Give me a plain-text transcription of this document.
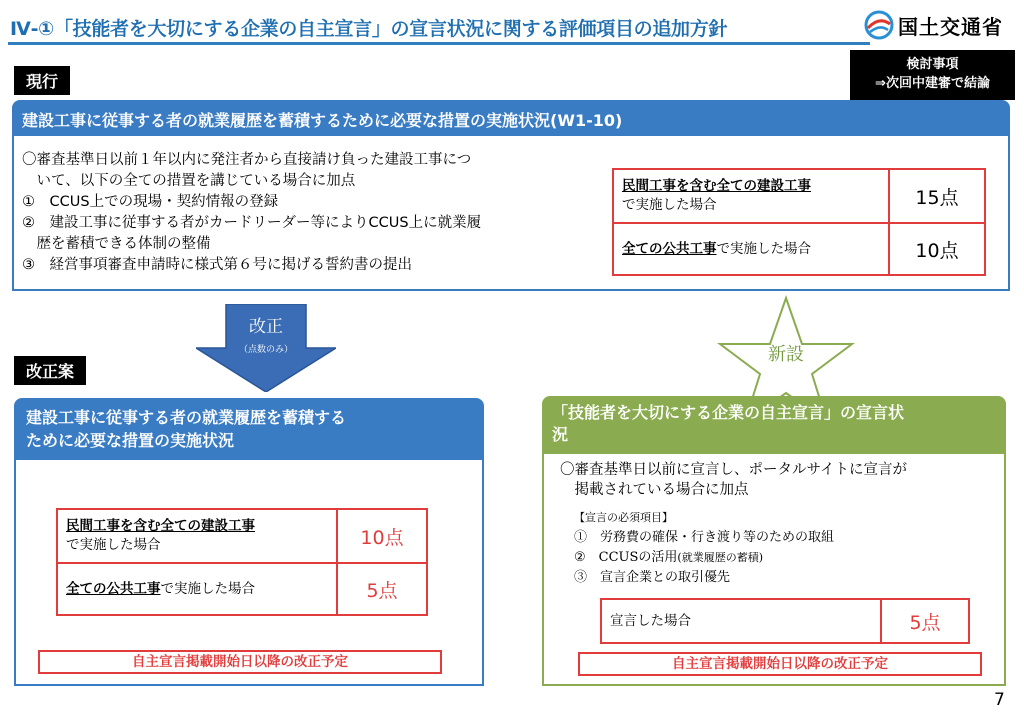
Ⅳ-①「技能者を大切にする企業の自主宣言」の宣言状況に関する評価項目の追加方針	国土交通省
検討事項
⇒次回中建審で結論
現行
建設工事に従事する者の就業履歴を蓄積するために必要な措置の実施状況(W1-10)
〇審査基準日以前１年以内に発注者から直接請け負った建設工事につ
　いて、以下の全ての措置を講じている場合に加点
①　CCUS上での現場・契約情報の登録
②　建設工事に従事する者がカードリーダー等によりCCUS上に就業履
　歴を蓄積できる体制の整備
③　経営事項審査申請時に様式第６号に掲げる誓約書の提出
民間工事を含む全ての建設工事
で実施した場合	15点
全ての公共工事で実施した場合	10点
改正
（点数のみ）	新設
改正案
建設工事に従事する者の就業履歴を蓄積する
ために必要な措置の実施状況
民間工事を含む全ての建設工事
で実施した場合	10点
全ての公共工事で実施した場合	5点
自主宣言掲載開始日以降の改正予定
「技能者を大切にする企業の自主宣言」の宣言状
況
〇審査基準日以前に宣言し、ポータルサイトに宣言が
　掲載されている場合に加点
【宣言の必須項目】
①　労務費の確保・行き渡り等のための取組
②　CCUSの活用(就業履歴の蓄積)
③　宣言企業との取引優先
宣言した場合	5点
自主宣言掲載開始日以降の改正予定
7
